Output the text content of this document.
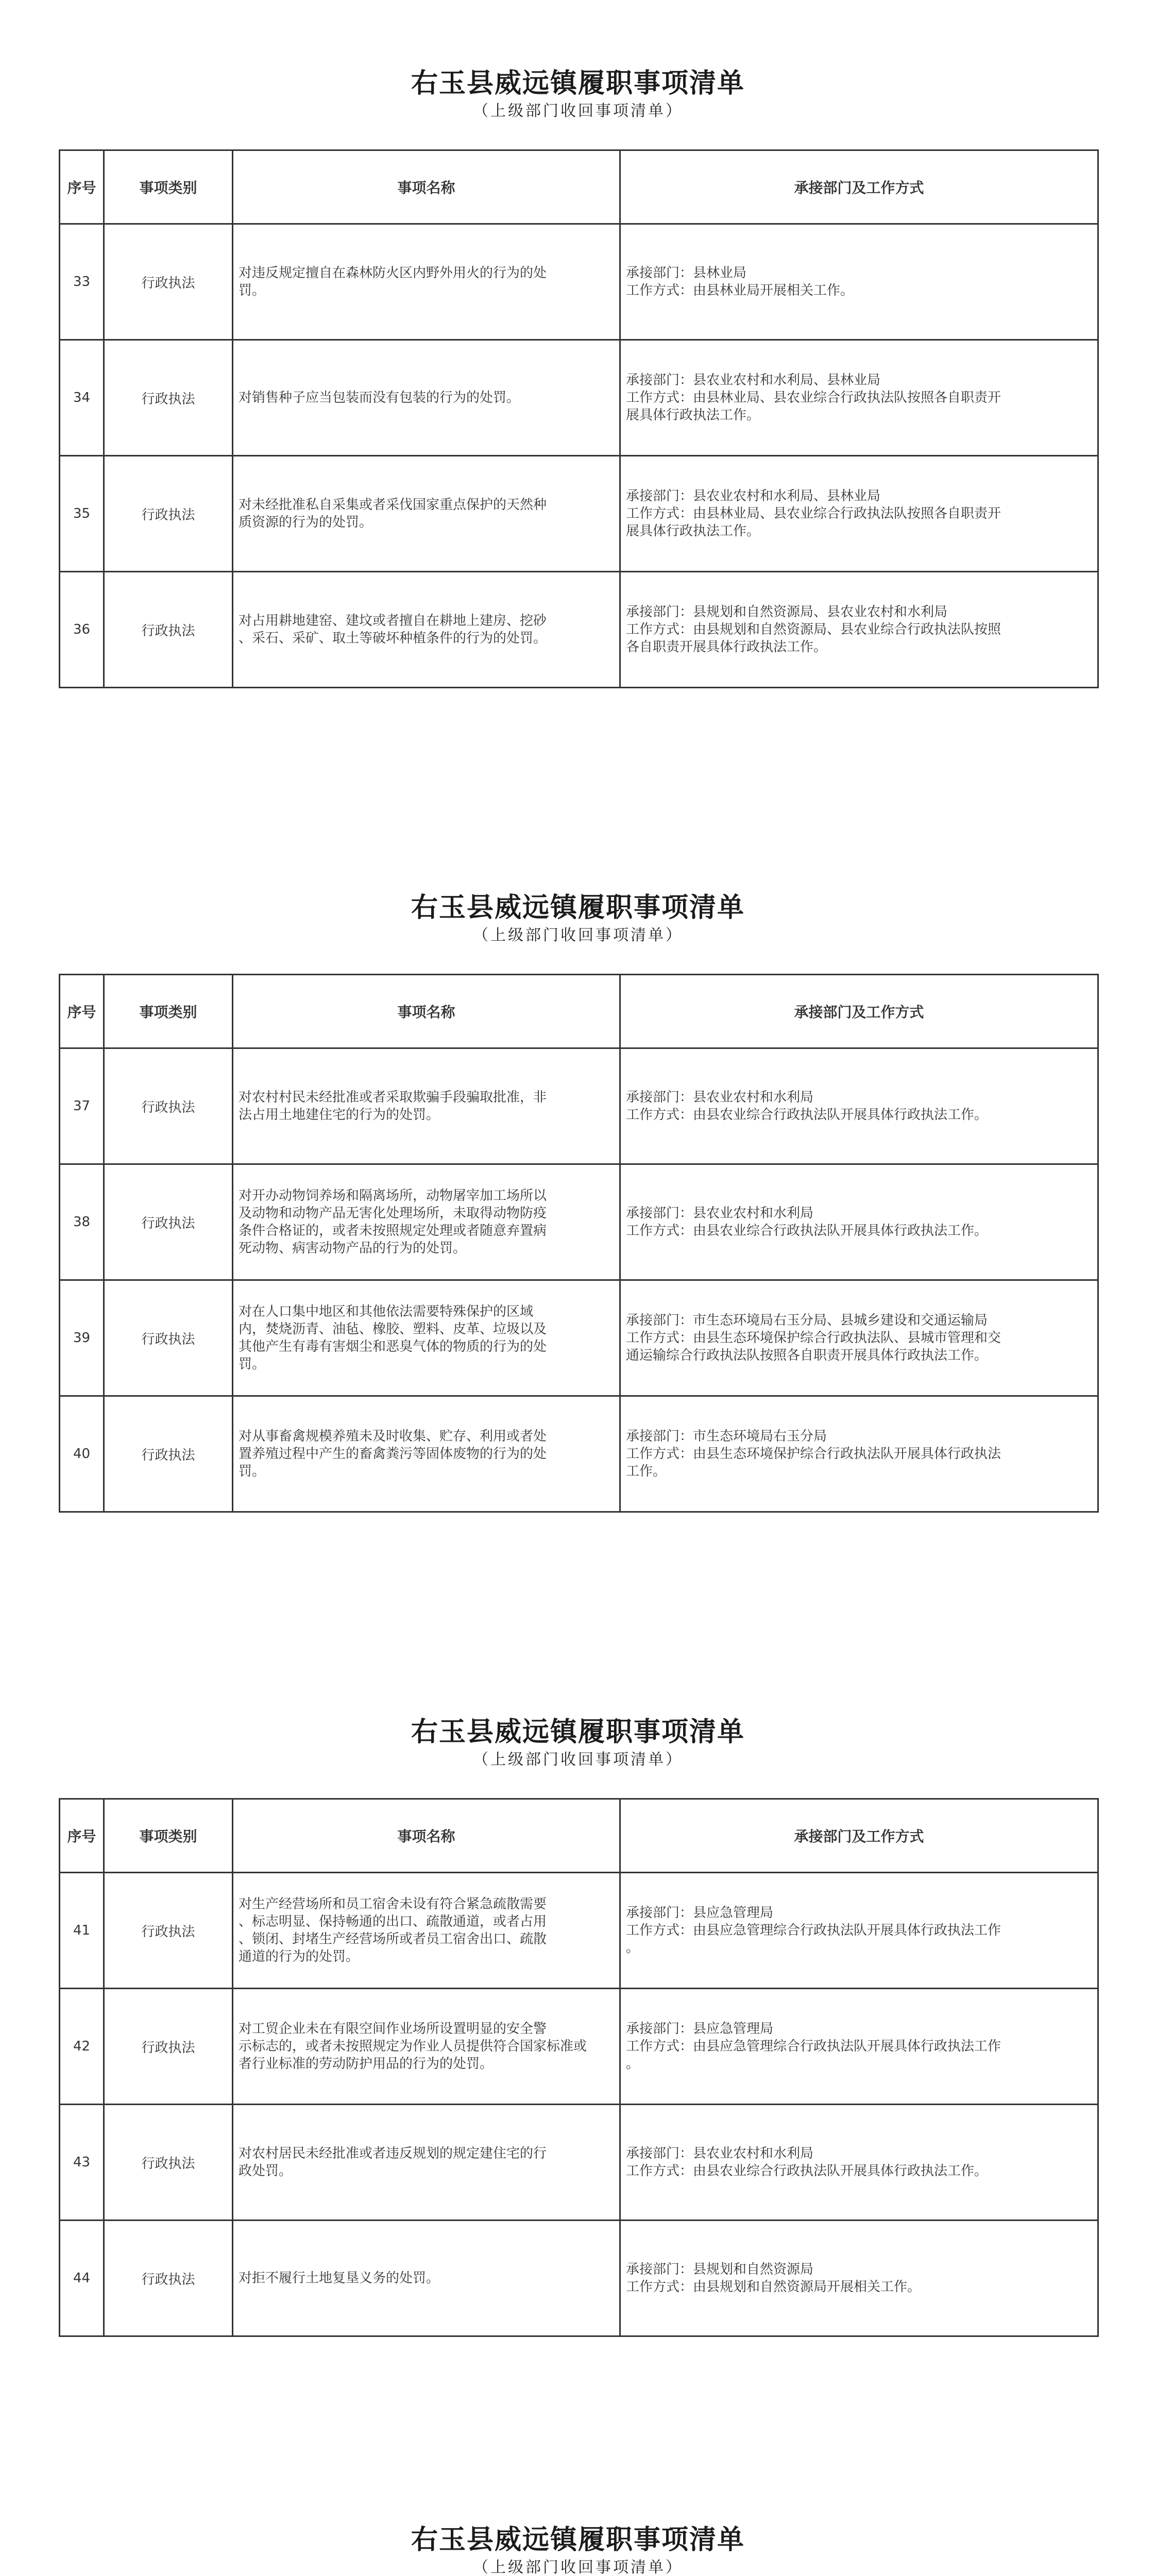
右玉县威远镇履职事项清单

（上级部门收回事项清单）

序号	事项类别	事项名称	承接部门及工作方式
33	行政执法	对违反规定擅自在森林防火区内野外用火的行为的处
罚。	承接部门：县林业局
工作方式：由县林业局开展相关工作。

34	行政执法	对销售种子应当包装而没有包装的行为的处罚。	承接部门：县农业农村和水利局、县林业局
工作方式：由县林业局、县农业综合行政执法队按照各自职责开
展具体行政执法工作。

35	行政执法	对未经批准私自采集或者采伐国家重点保护的天然种
质资源的行为的处罚。	承接部门：县农业农村和水利局、县林业局
工作方式：由县林业局、县农业综合行政执法队按照各自职责开
展具体行政执法工作。

36	行政执法	对占用耕地建窑、建坟或者擅自在耕地上建房、挖砂
、采石、采矿、取土等破坏种植条件的行为的处罚。	承接部门：县规划和自然资源局、县农业农村和水利局
工作方式：由县规划和自然资源局、县农业综合行政执法队按照
各自职责开展具体行政执法工作。
右玉县威远镇履职事项清单

（上级部门收回事项清单）

序号	事项类别	事项名称	承接部门及工作方式
37	行政执法	对农村村民未经批准或者采取欺骗手段骗取批准，非
法占用土地建住宅的行为的处罚。	承接部门：县农业农村和水利局
工作方式：由县农业综合行政执法队开展具体行政执法工作。

38	行政执法	对开办动物饲养场和隔离场所，动物屠宰加工场所以
及动物和动物产品无害化处理场所，未取得动物防疫
条件合格证的，或者未按照规定处理或者随意弃置病
死动物、病害动物产品的行为的处罚。	承接部门：县农业农村和水利局
工作方式：由县农业综合行政执法队开展具体行政执法工作。

39	行政执法	对在人口集中地区和其他依法需要特殊保护的区域
内，焚烧沥青、油毡、橡胶、塑料、皮革、垃圾以及
其他产生有毒有害烟尘和恶臭气体的物质的行为的处
罚。	承接部门：市生态环境局右玉分局、县城乡建设和交通运输局
工作方式：由县生态环境保护综合行政执法队、县城市管理和交
通运输综合行政执法队按照各自职责开展具体行政执法工作。

40	行政执法	对从事畜禽规模养殖未及时收集、贮存、利用或者处
置养殖过程中产生的畜禽粪污等固体废物的行为的处
罚。	承接部门：市生态环境局右玉分局
工作方式：由县生态环境保护综合行政执法队开展具体行政执法
工作。
右玉县威远镇履职事项清单

（上级部门收回事项清单）

序号	事项类别	事项名称	承接部门及工作方式
41	行政执法	对生产经营场所和员工宿舍未设有符合紧急疏散需要
、标志明显、保持畅通的出口、疏散通道，或者占用
、锁闭、封堵生产经营场所或者员工宿舍出口、疏散
通道的行为的处罚。	承接部门：县应急管理局
工作方式：由县应急管理综合行政执法队开展具体行政执法工作
。

42	行政执法	对工贸企业未在有限空间作业场所设置明显的安全警
示标志的，或者未按照规定为作业人员提供符合国家标准或
者行业标准的劳动防护用品的行为的处罚。	承接部门：县应急管理局
工作方式：由县应急管理综合行政执法队开展具体行政执法工作
。

43	行政执法	对农村居民未经批准或者违反规划的规定建住宅的行
政处罚。	承接部门：县农业农村和水利局
工作方式：由县农业综合行政执法队开展具体行政执法工作。

44	行政执法	对拒不履行土地复垦义务的处罚。	承接部门：县规划和自然资源局
工作方式：由县规划和自然资源局开展相关工作。
右玉县威远镇履职事项清单

（上级部门收回事项清单）
